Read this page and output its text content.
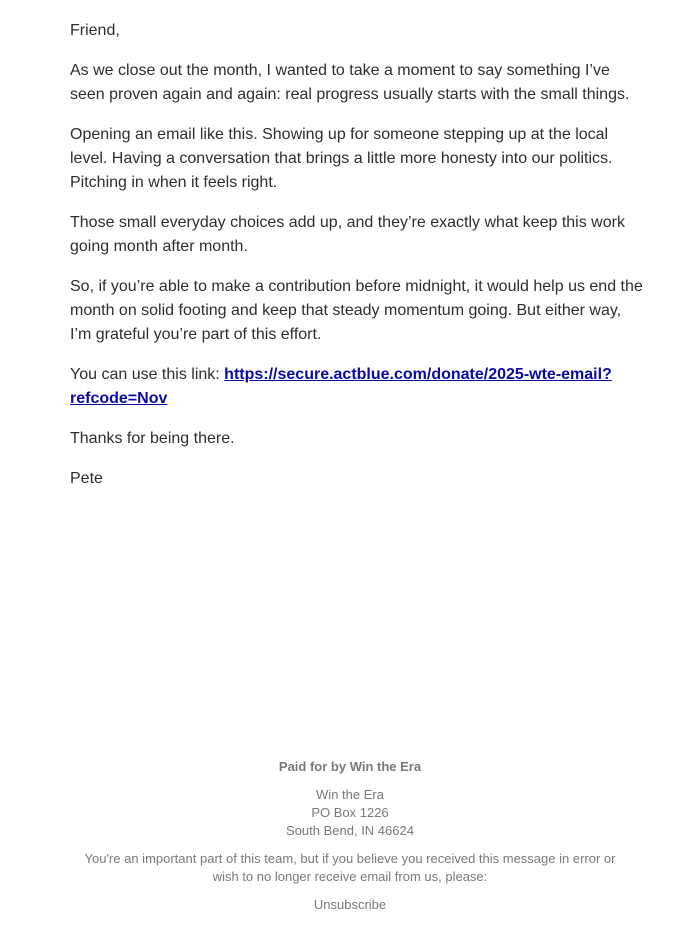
Friend,

As we close out the month, I wanted to take a moment to say something I’ve seen proven again and again: real progress usually starts with the small things.

Opening an email like this. Showing up for someone stepping up at the local level. Having a conversation that brings a little more honesty into our politics. Pitching in when it feels right.

Those small everyday choices add up, and they’re exactly what keep this work going month after month.

So, if you’re able to make a contribution before midnight, it would help us end the month on solid footing and keep that steady momentum going. But either way, I’m grateful you’re part of this effort.

You can use this link: https://secure.actblue.com/donate/2025-wte-email?refcode=Nov

Thanks for being there.

Pete

Paid for by Win the Era

Win the Era
PO Box 1226
South Bend, IN 46624

You're an important part of this team, but if you believe you received this message in error or wish to no longer receive email from us, please:

Unsubscribe
